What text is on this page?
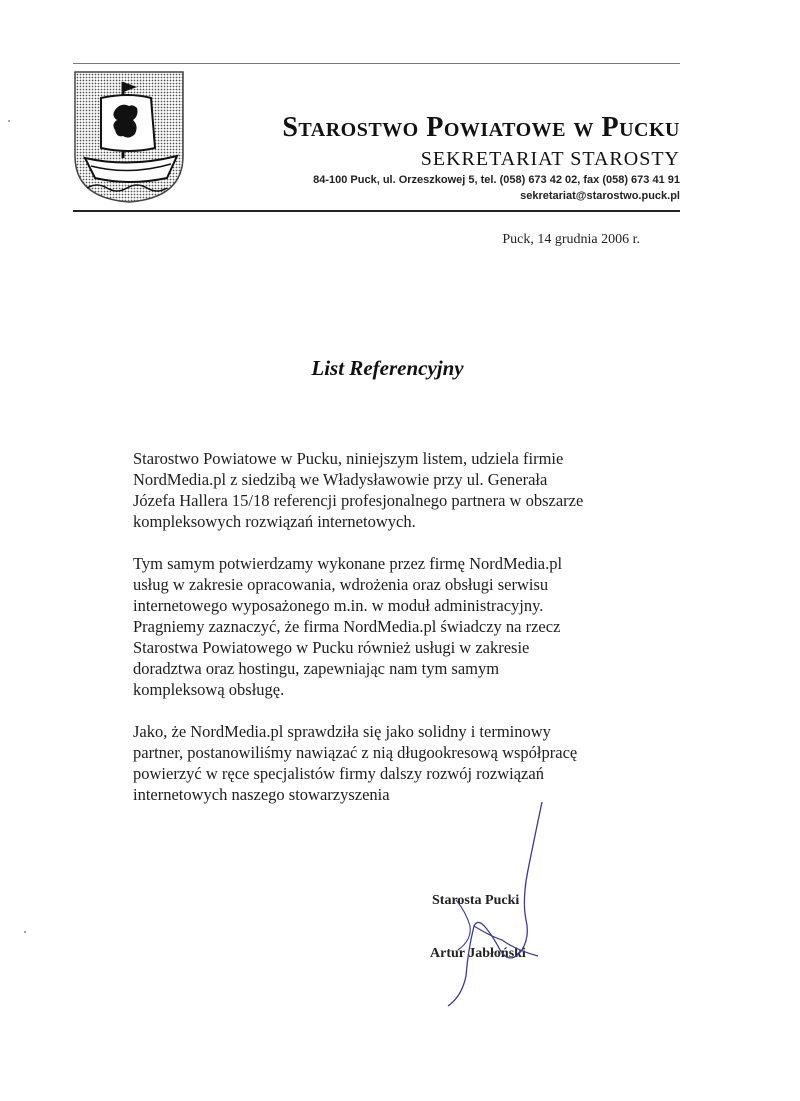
Starostwo Powiatowe w Pucku
SEKRETARIAT STAROSTY
84-100 Puck, ul. Orzeszkowej 5, tel. (058) 673 42 02, fax (058) 673 41 91
sekretariat@starostwo.puck.pl
Puck, 14 grudnia 2006 r.
List Referencyjny

Starostwo Powiatowe w Pucku, niniejszym listem, udziela firmie
NordMedia.pl z siedzibą we Władysławowie przy ul. Generała
Józefa Hallera 15/18 referencji profesjonalnego partnera w obszarze
kompleksowych rozwiązań internetowych.

Tym samym potwierdzamy wykonane przez firmę NordMedia.pl
usług w zakresie opracowania, wdrożenia oraz obsługi serwisu
internetowego wyposażonego m.in. w moduł administracyjny.
Pragniemy zaznaczyć, że firma NordMedia.pl świadczy na rzecz
Starostwa Powiatowego w Pucku również usługi w zakresie
doradztwa oraz hostingu, zapewniając nam tym samym
kompleksową obsługę.

Jako, że NordMedia.pl sprawdziła się jako solidny i terminowy
partner, postanowiliśmy nawiązać z nią długookresową współpracę
powierzyć w ręce specjalistów firmy dalszy rozwój rozwiązań
internetowych naszego stowarzyszenia

Starosta Pucki
Artur Jabłoński
